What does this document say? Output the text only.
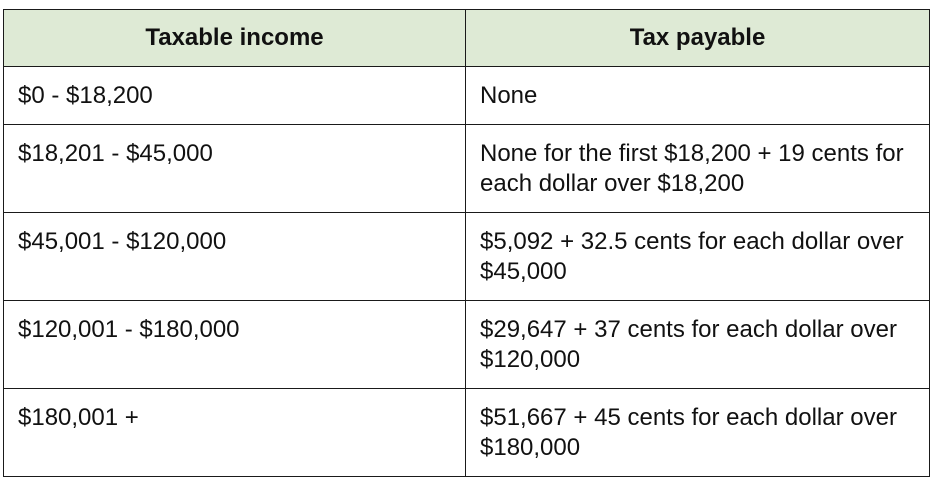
Taxable income	Tax payable
$0 - $18,200	None
$18,201 - $45,000	None for the first $18,200 + 19 cents for each dollar over $18,200
$45,001 - $120,000	$5,092 + 32.5 cents for each dollar over $45,000
$120,001 - $180,000	$29,647 + 37 cents for each dollar over $120,000
$180,001 +	$51,667 + 45 cents for each dollar over $180,000
